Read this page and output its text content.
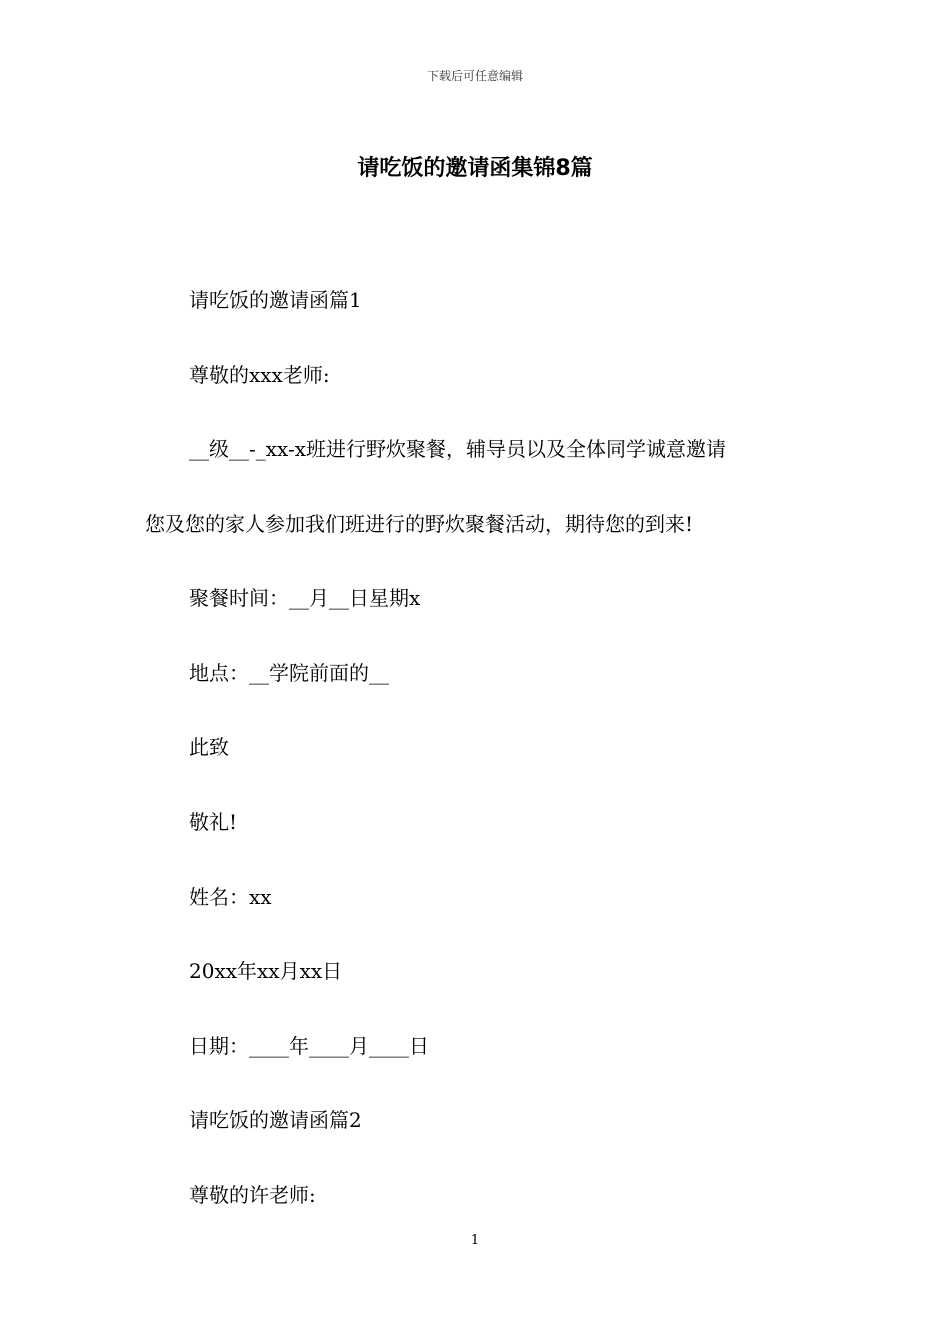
下载后可任意编辑
请吃饭的邀请函集锦8篇
请吃饭的邀请函篇1
尊敬的xxx老师:
__级__-_xx-x班进行野炊聚餐，辅导员以及全体同学诚意邀请
您及您的家人参加我们班进行的野炊聚餐活动，期待您的到来!
聚餐时间：__月__日星期x
地点：__学院前面的__
此致
敬礼!
姓名：xx
20xx年xx月xx日
日期：____年____月____日
请吃饭的邀请函篇2
尊敬的许老师:
1
